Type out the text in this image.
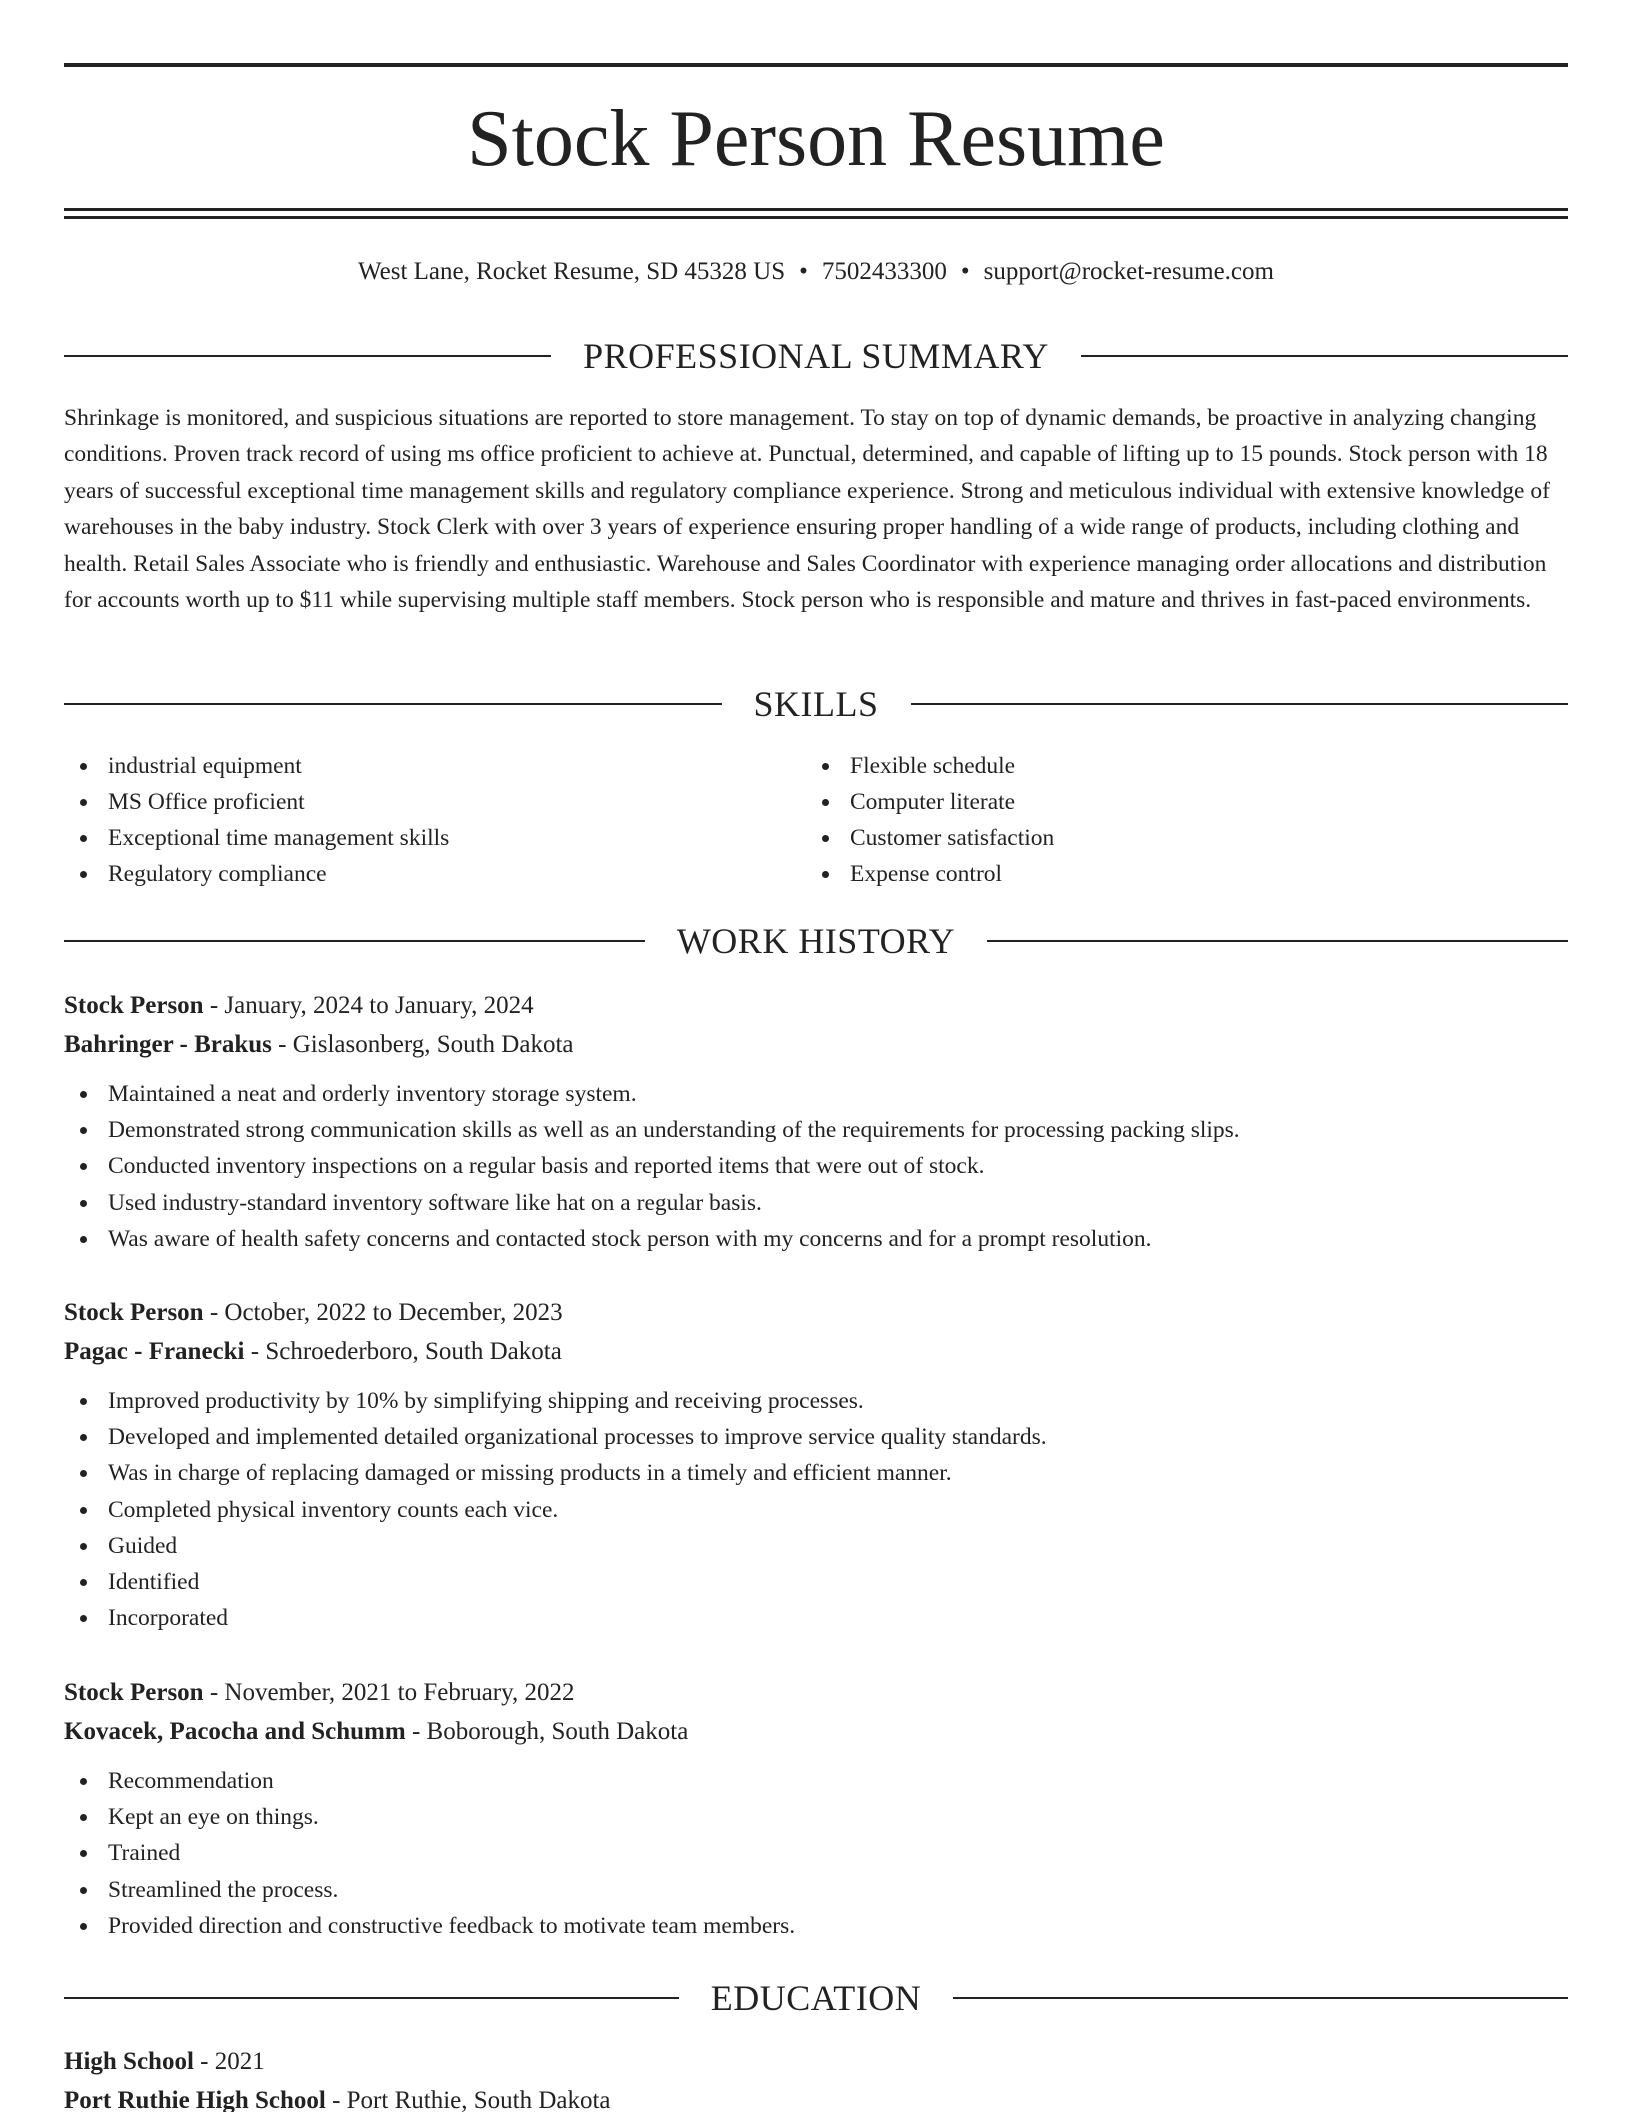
Stock Person Resume
West Lane, Rocket Resume, SD 45328 US • 7502433300 • support@rocket-resume.com
PROFESSIONAL SUMMARY

Shrinkage is monitored, and suspicious situations are reported to store management. To stay on top of dynamic demands, be proactive in analyzing changing conditions. Proven track record of using ms office proficient to achieve at. Punctual, determined, and capable of lifting up to 15 pounds. Stock person with 18 years of successful exceptional time management skills and regulatory compliance experience. Strong and meticulous individual with extensive knowledge of warehouses in the baby industry. Stock Clerk with over 3 years of experience ensuring proper handling of a wide range of products, including clothing and health. Retail Sales Associate who is friendly and enthusiastic. Warehouse and Sales Coordinator with experience managing order allocations and distribution for accounts worth up to $11 while supervising multiple staff members. Stock person who is responsible and mature and thrives in fast-paced environments.

SKILLS
industrial equipment
MS Office proficient
Exceptional time management skills
Regulatory compliance
Flexible schedule
Computer literate
Customer satisfaction
Expense control
WORK HISTORY
Stock Person - January, 2024 to January, 2024
Bahringer - Brakus - Gislasonberg, South Dakota
Maintained a neat and orderly inventory storage system.
Demonstrated strong communication skills as well as an understanding of the requirements for processing packing slips.
Conducted inventory inspections on a regular basis and reported items that were out of stock.
Used industry-standard inventory software like hat on a regular basis.
Was aware of health safety concerns and contacted stock person with my concerns and for a prompt resolution.
Stock Person - October, 2022 to December, 2023
Pagac - Franecki - Schroederboro, South Dakota
Improved productivity by 10% by simplifying shipping and receiving processes.
Developed and implemented detailed organizational processes to improve service quality standards.
Was in charge of replacing damaged or missing products in a timely and efficient manner.
Completed physical inventory counts each vice.
Guided
Identified
Incorporated
Stock Person - November, 2021 to February, 2022
Kovacek, Pacocha and Schumm - Boborough, South Dakota
Recommendation
Kept an eye on things.
Trained
Streamlined the process.
Provided direction and constructive feedback to motivate team members.
EDUCATION
High School - 2021
Port Ruthie High School - Port Ruthie, South Dakota
